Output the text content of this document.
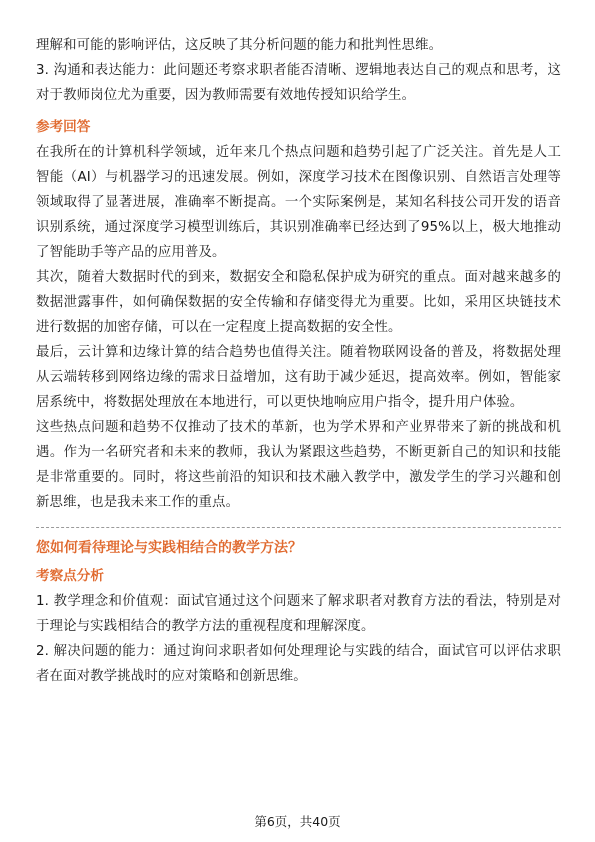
理解和可能的影响评估，这反映了其分析问题的能力和批判性思维。

3. 沟通和表达能力：此问题还考察求职者能否清晰、逻辑地表达自己的观点和思考，这对于教师岗位尤为重要，因为教师需要有效地传授知识给学生。

参考回答

在我所在的计算机科学领域，近年来几个热点问题和趋势引起了广泛关注。首先是人工智能（AI）与机器学习的迅速发展。例如，深度学习技术在图像识别、自然语言处理等领域取得了显著进展，准确率不断提高。一个实际案例是，某知名科技公司开发的语音识别系统，通过深度学习模型训练后，其识别准确率已经达到了95%以上，极大地推动了智能助手等产品的应用普及。

其次，随着大数据时代的到来，数据安全和隐私保护成为研究的重点。面对越来越多的数据泄露事件，如何确保数据的安全传输和存储变得尤为重要。比如，采用区块链技术进行数据的加密存储，可以在一定程度上提高数据的安全性。

最后，云计算和边缘计算的结合趋势也值得关注。随着物联网设备的普及，将数据处理从云端转移到网络边缘的需求日益增加，这有助于减少延迟，提高效率。例如，智能家居系统中，将数据处理放在本地进行，可以更快地响应用户指令，提升用户体验。

这些热点问题和趋势不仅推动了技术的革新，也为学术界和产业界带来了新的挑战和机遇。作为一名研究者和未来的教师，我认为紧跟这些趋势，不断更新自己的知识和技能是非常重要的。同时，将这些前沿的知识和技术融入教学中，激发学生的学习兴趣和创新思维，也是我未来工作的重点。

您如何看待理论与实践相结合的教学方法？
考察点分析

1. 教学理念和价值观：面试官通过这个问题来了解求职者对教育方法的看法，特别是对于理论与实践相结合的教学方法的重视程度和理解深度。

2. 解决问题的能力：通过询问求职者如何处理理论与实践的结合，面试官可以评估求职者在面对教学挑战时的应对策略和创新思维。

第6页，共40页
